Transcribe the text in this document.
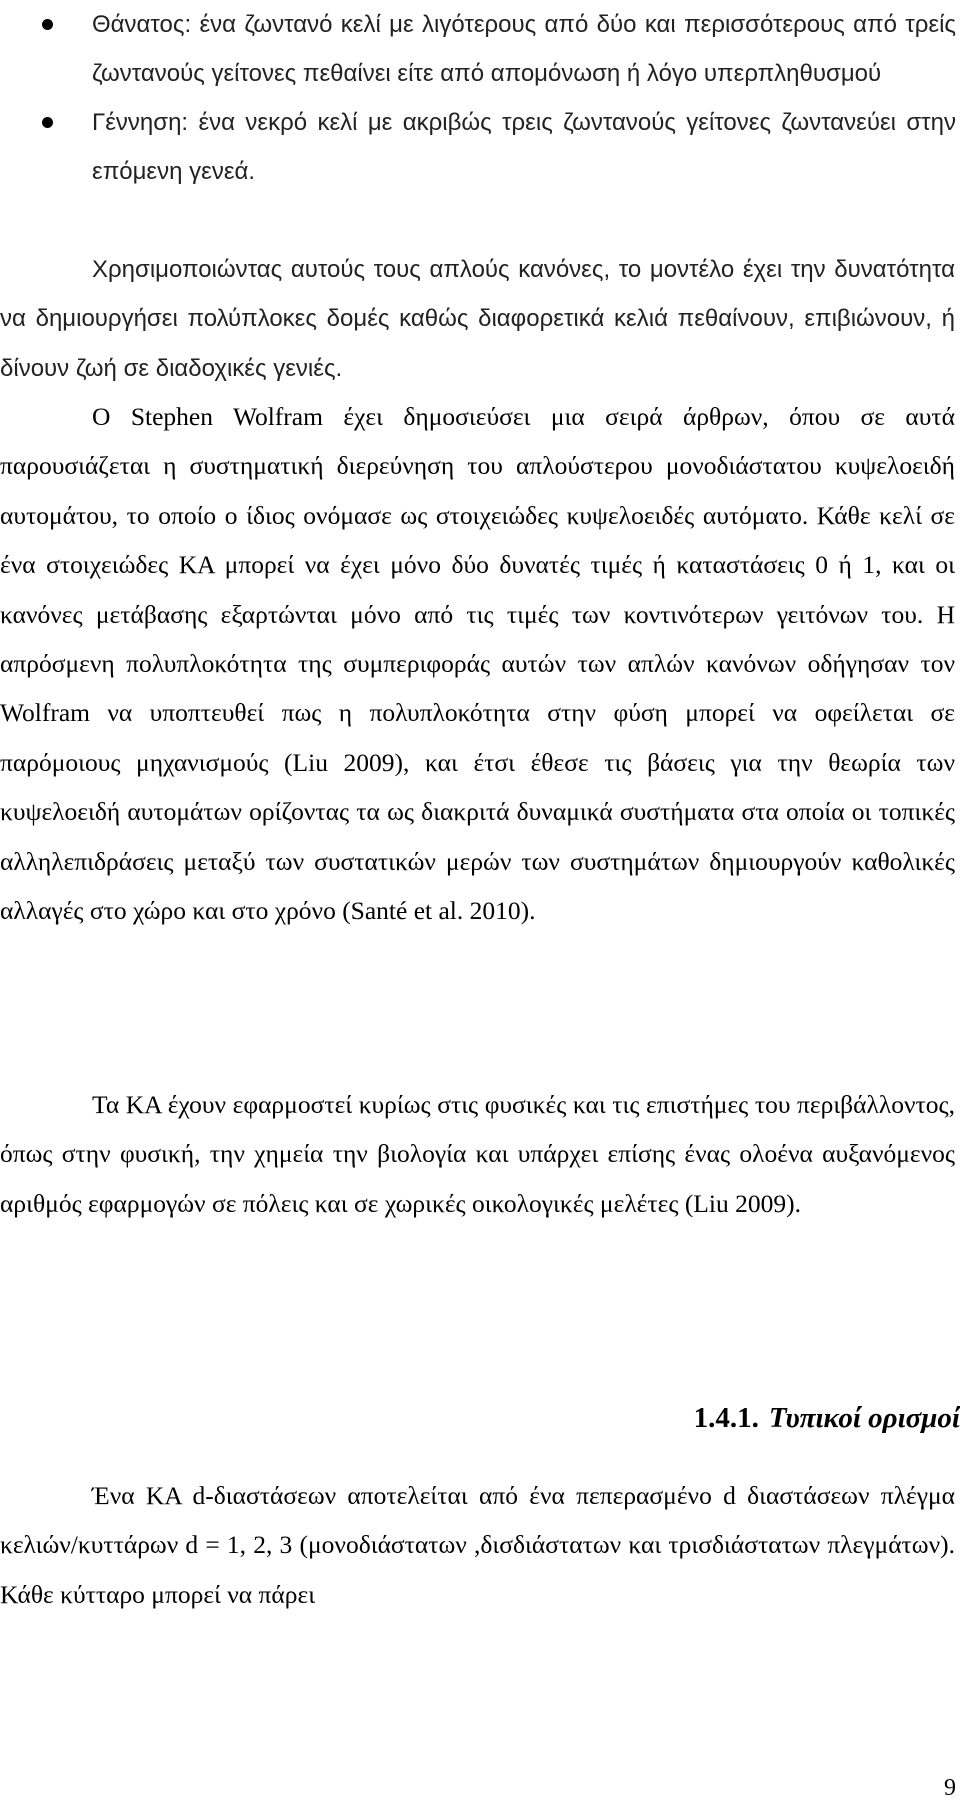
Θάνατος: ένα ζωντανό κελί με λιγότερους από δύο και περισσότερους από τρείς ζωντανούς γείτονες πεθαίνει είτε από απομόνωση ή λόγο υπερπληθυσμού
Γέννηση: ένα νεκρό κελί με ακριβώς τρεις ζωντανούς γείτονες ζωντανεύει στην επόμενη γενεά.

Χρησιμοποιώντας αυτούς τους απλούς κανόνες, το μοντέλο έχει την δυνατότητα να δημιουργήσει πολύπλοκες δομές καθώς διαφορετικά κελιά πεθαίνουν, επιβιώνουν, ή δίνουν ζωή σε διαδοχικές γενιές.

Ο Stephen Wolfram έχει δημοσιεύσει μια σειρά άρθρων, όπου σε αυτά παρουσιάζεται η συστηματική διερεύνηση του απλούστερου μονοδιάστατου κυψελοειδή αυτομάτου, το οποίο ο ίδιος ονόμασε ως στοιχειώδες κυψελοειδές αυτόματο. Κάθε κελί σε ένα στοιχειώδες ΚΑ μπορεί να έχει μόνο δύο δυνατές τιμές ή καταστάσεις 0 ή 1, και οι κανόνες μετάβασης εξαρτώνται μόνο από τις τιμές των κοντινότερων γειτόνων του. Η απρόσμενη πολυπλοκότητα της συμπεριφοράς αυτών των απλών κανόνων οδήγησαν τον Wolfram να υποπτευθεί πως η πολυπλοκότητα στην φύση μπορεί να οφείλεται σε παρόμοιους μηχανισμούς (Liu 2009), και έτσι έθεσε τις βάσεις για την θεωρία των κυψελοειδή αυτομάτων ορίζοντας τα ως διακριτά δυναμικά συστήματα στα οποία οι τοπικές αλληλεπιδράσεις μεταξύ των συστατικών μερών των συστημάτων δημιουργούν καθολικές αλλαγές στο χώρο και στο χρόνο (Santé et al. 2010).

Τα ΚΑ έχουν εφαρμοστεί κυρίως στις φυσικές και τις επιστήμες του περιβάλλοντος, όπως στην φυσική, την χημεία την βιολογία και υπάρχει επίσης ένας ολοένα αυξανόμενος αριθμός εφαρμογών σε πόλεις και σε χωρικές οικολογικές μελέτες (Liu 2009).

1.4.1. Τυπικοί ορισμοί

Ένα ΚΑ d-διαστάσεων αποτελείται από ένα πεπερασμένο d διαστάσεων πλέγμα κελιών/κυττάρων d = 1, 2, 3 (μονοδιάστατων ,δισδιάστατων και τρισδιάστατων πλεγμάτων). Κάθε κύτταρο μπορεί να πάρει

9
